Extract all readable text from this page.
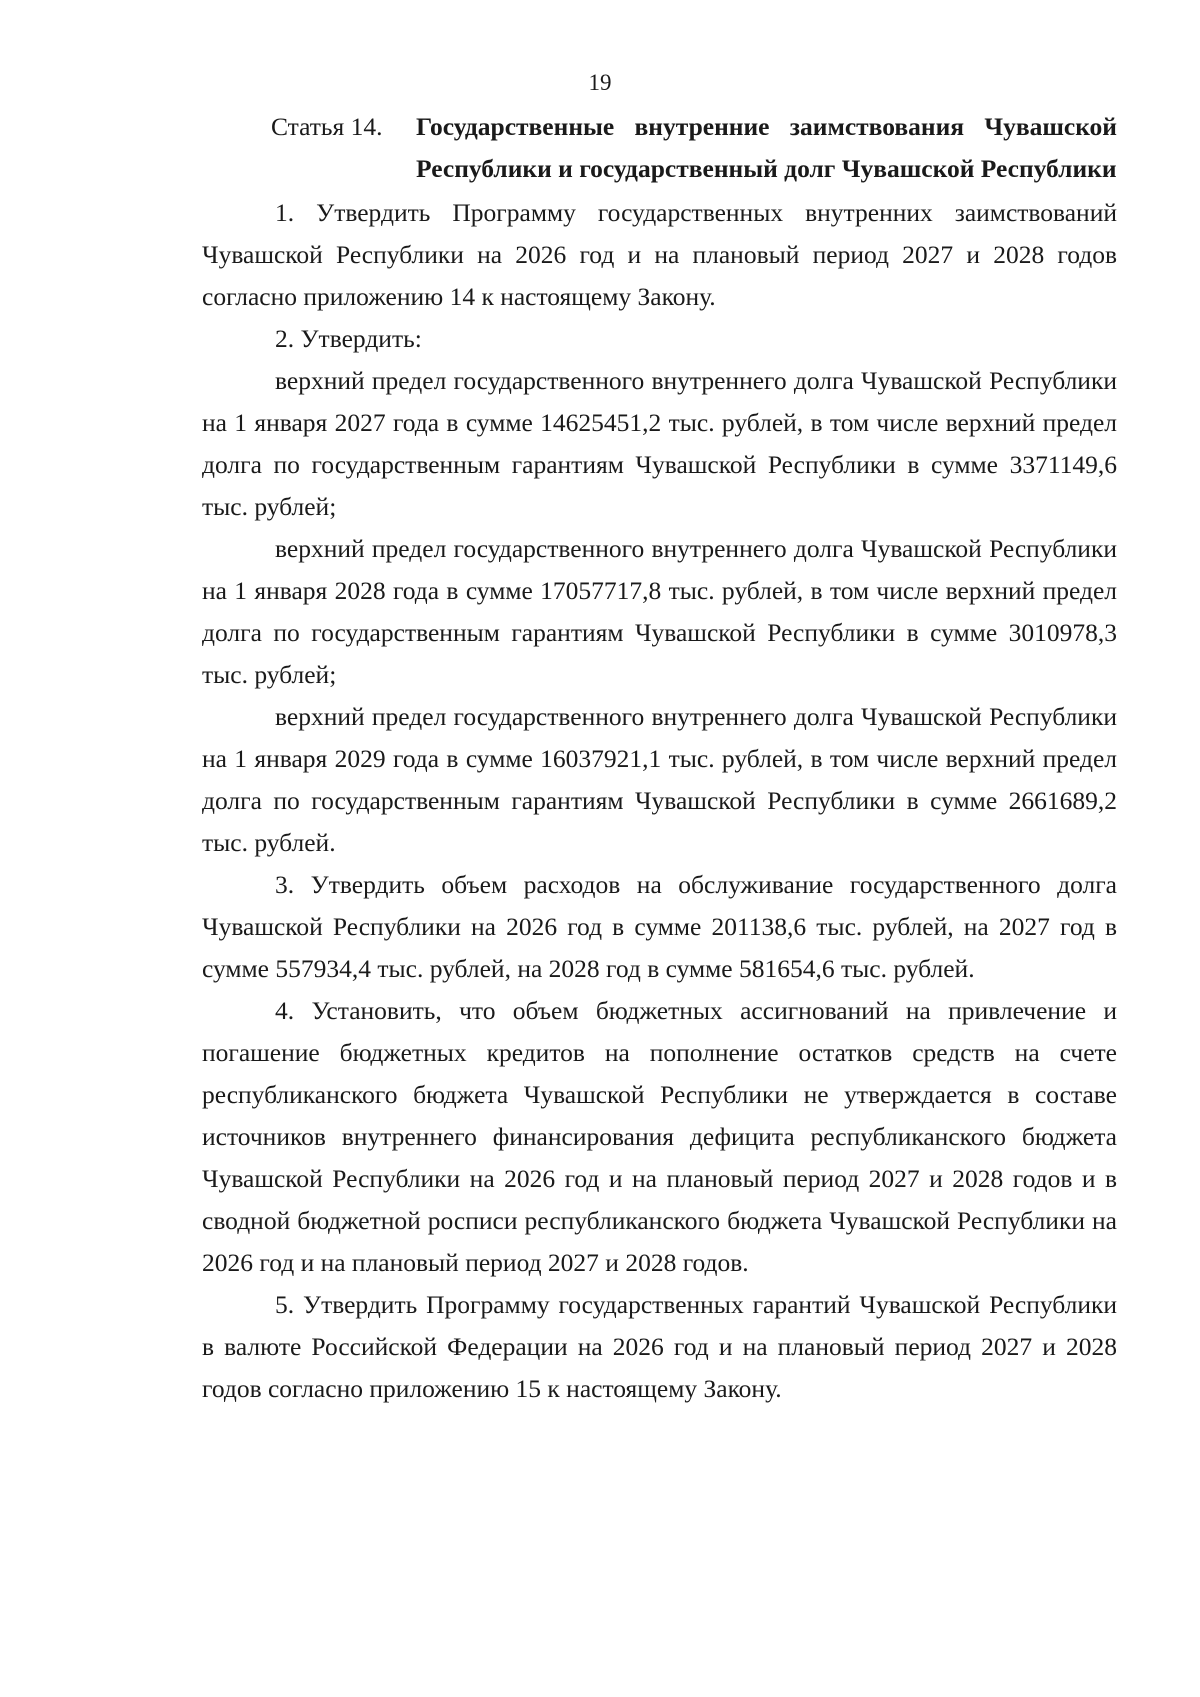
19
Статья 14.	Государственные внутренние заимствования Чувашской Республики и государственный долг Чувашской Республики

1. Утвердить Программу государственных внутренних заимствований Чувашской Республики на 2026 год и на плановый период 2027 и 2028 годов согласно приложению 14 к настоящему Закону.

2. Утвердить:

верхний предел государственного внутреннего долга Чувашской Республики на 1 января 2027 года в сумме 14625451,2 тыс. рублей, в том числе верхний предел долга по государственным гарантиям Чувашской Республики в сумме 3371149,6 тыс. рублей;

верхний предел государственного внутреннего долга Чувашской Республики на 1 января 2028 года в сумме 17057717,8 тыс. рублей, в том числе верхний предел долга по государственным гарантиям Чувашской Республики в сумме 3010978,3 тыс. рублей;

верхний предел государственного внутреннего долга Чувашской Республики на 1 января 2029 года в сумме 16037921,1 тыс. рублей, в том числе верхний предел долга по государственным гарантиям Чувашской Республики в сумме 2661689,2 тыс. рублей.

3. Утвердить объем расходов на обслуживание государственного долга Чувашской Республики на 2026 год в сумме 201138,6 тыс. рублей, на 2027 год в сумме 557934,4 тыс. рублей, на 2028 год в сумме 581654,6 тыс. рублей.

4. Установить, что объем бюджетных ассигнований на привлечение и погашение бюджетных кредитов на пополнение остатков средств на счете республиканского бюджета Чувашской Республики не утверждается в составе источников внутреннего финансирования дефицита республиканского бюджета Чувашской Республики на 2026 год и на плановый период 2027 и 2028 годов и в сводной бюджетной росписи республиканского бюджета Чувашской Республики на 2026 год и на плановый период 2027 и 2028 годов.

5. Утвердить Программу государственных гарантий Чувашской Республики в валюте Российской Федерации на 2026 год и на плановый период 2027 и 2028 годов согласно приложению 15 к настоящему Закону.
